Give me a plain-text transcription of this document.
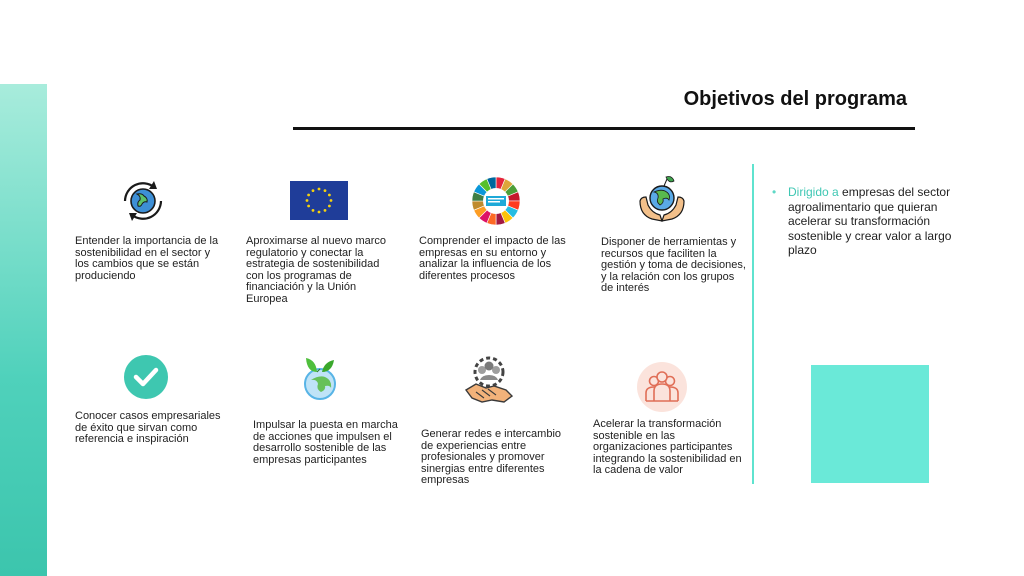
Objetivos del programa
Entender la importancia de la sostenibilidad en el sector y los cambios que se están produciendo
Aproximarse al nuevo marco regulatorio y conectar la estrategia de sostenibilidad con los programas de financiación y la Unión Europea
Comprender el impacto de las empresas en su entorno y analizar la influencia de los diferentes procesos
Disponer de herramientas y recursos que faciliten la gestión y toma de decisiones, y la relación con los grupos de interés
Conocer casos empresariales de éxito que sirvan como referencia e inspiración
Impulsar la puesta en marcha de acciones que impulsen el desarrollo sostenible de las empresas participantes
Generar redes e intercambio de experiencias entre profesionales y promover sinergias entre diferentes empresas
Acelerar la transformación sostenible en las organizaciones participantes integrando la sostenibilidad en la cadena de valor
• Dirigido a empresas del sector agroalimentario que quieran acelerar su transformación sostenible y crear valor a largo plazo
